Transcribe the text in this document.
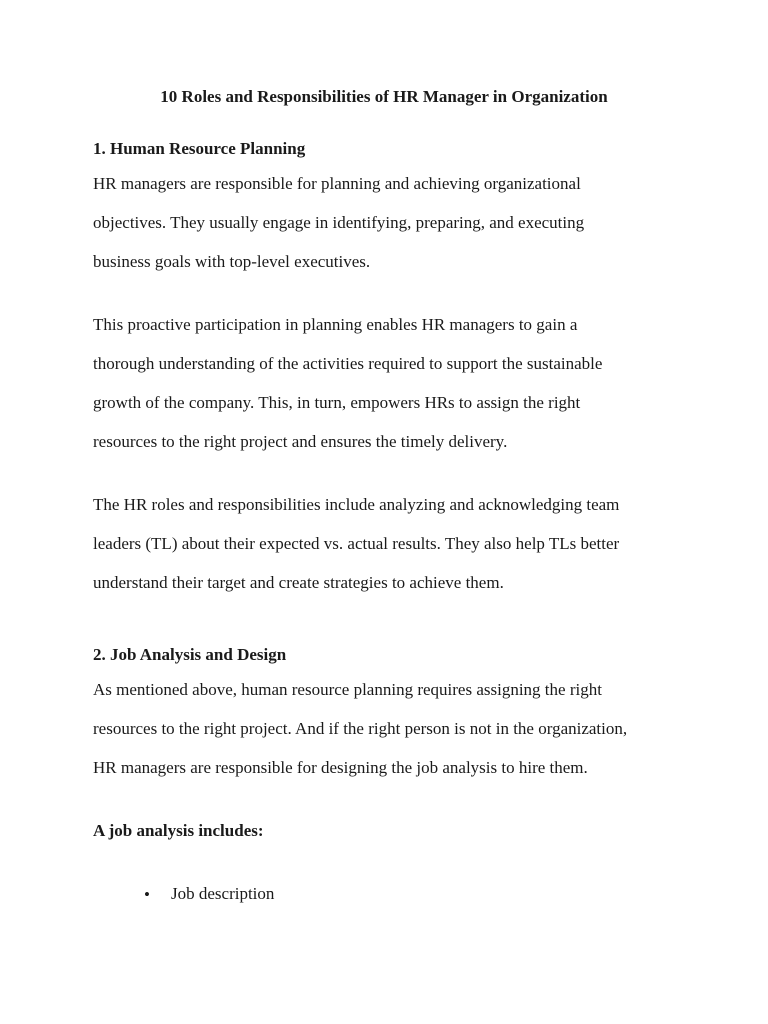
10 Roles and Responsibilities of HR Manager in Organization
1. Human Resource Planning

HR managers are responsible for planning and achieving organizational

objectives. They usually engage in identifying, preparing, and executing

business goals with top-level executives.

This proactive participation in planning enables HR managers to gain a

thorough understanding of the activities required to support the sustainable

growth of the company. This, in turn, empowers HRs to assign the right

resources to the right project and ensures the timely delivery.

The HR roles and responsibilities include analyzing and acknowledging team

leaders (TL) about their expected vs. actual results. They also help TLs better

understand their target and create strategies to achieve them.

2. Job Analysis and Design

As mentioned above, human resource planning requires assigning the right

resources to the right project. And if the right person is not in the organization,

HR managers are responsible for designing the job analysis to hire them.

A job analysis includes:
• Job description
